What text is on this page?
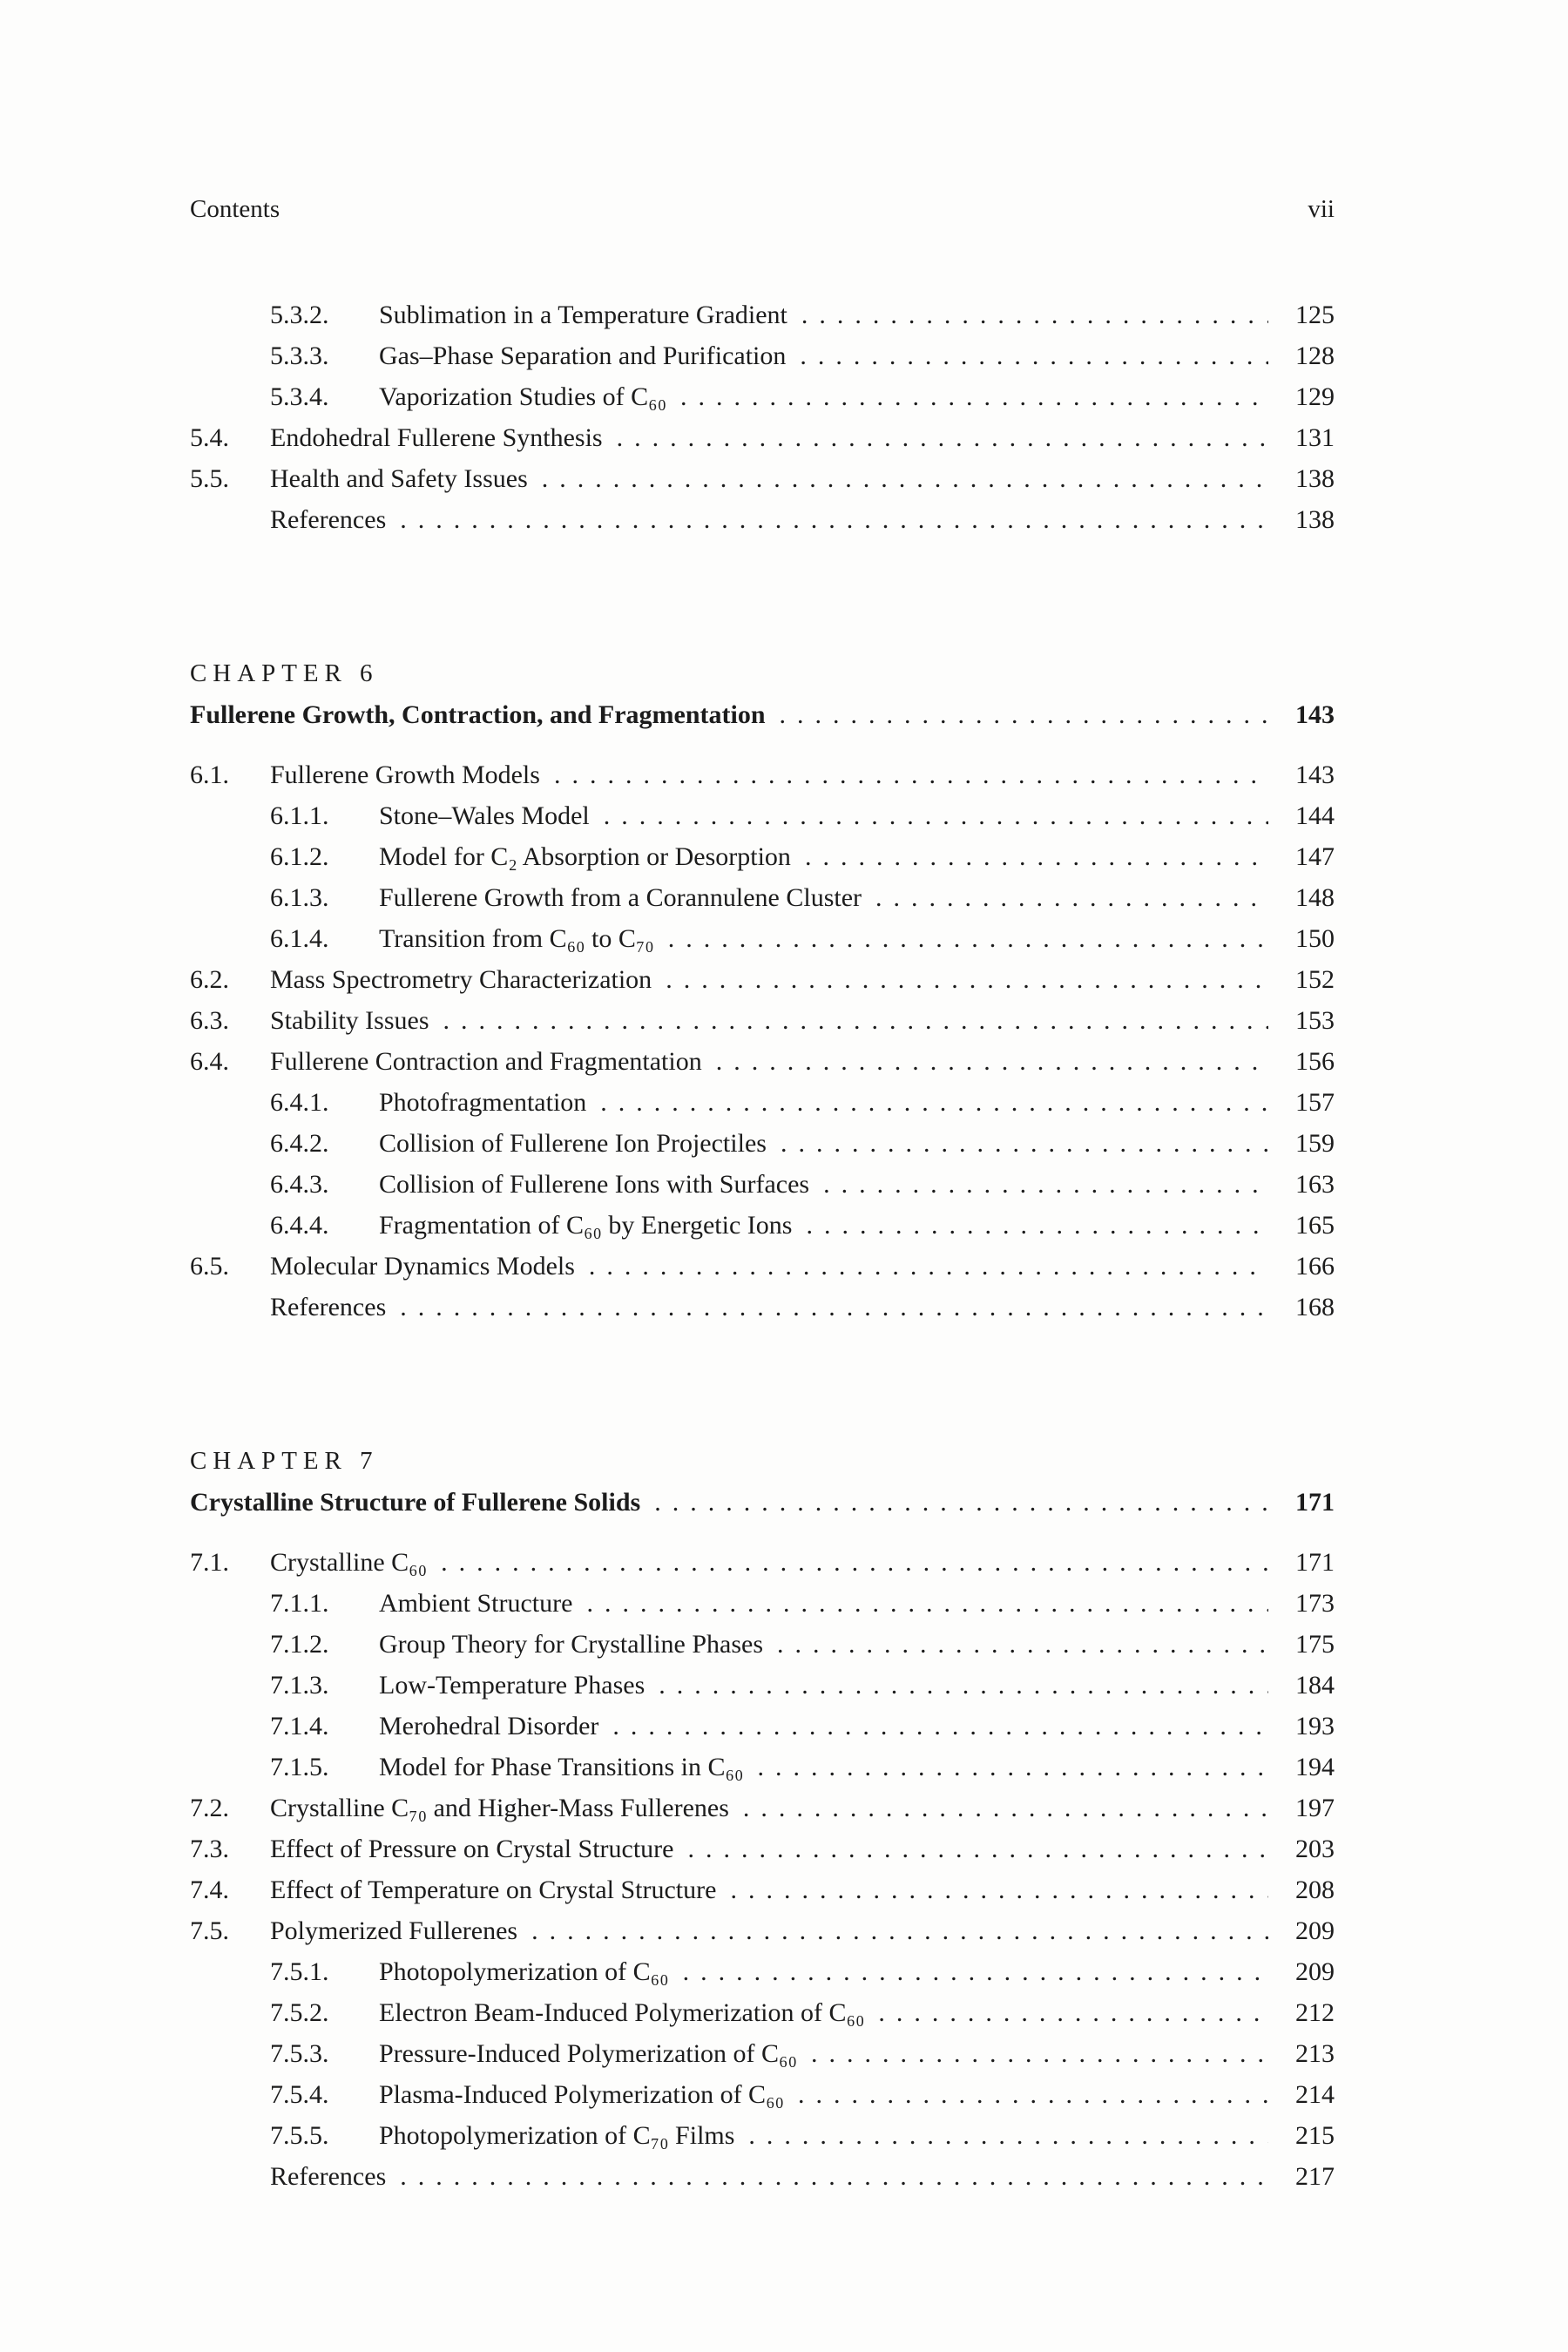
Contents	vii
5.3.2.	Sublimation in a Temperature Gradient .....	125
5.3.3.	Gas–Phase Separation and Purification .....	128
5.3.4.	Vaporization Studies of C₆₀ .....	129
5.4.	Endohedral Fullerene Synthesis .....	131
5.5.	Health and Safety Issues .....	138
References .....	138
CHAPTER 6
Fullerene Growth, Contraction, and Fragmentation .....	143
6.1.	Fullerene Growth Models .....	143
6.1.1.	Stone–Wales Model .....	144
6.1.2.	Model for C₂ Absorption or Desorption .....	147
6.1.3.	Fullerene Growth from a Corannulene Cluster .....	148
6.1.4.	Transition from C₆₀ to C₇₀ .....	150
6.2.	Mass Spectrometry Characterization .....	152
6.3.	Stability Issues .....	153
6.4.	Fullerene Contraction and Fragmentation .....	156
6.4.1.	Photofragmentation .....	157
6.4.2.	Collision of Fullerene Ion Projectiles .....	159
6.4.3.	Collision of Fullerene Ions with Surfaces .....	163
6.4.4.	Fragmentation of C₆₀ by Energetic Ions .....	165
6.5.	Molecular Dynamics Models .....	166
References .....	168
CHAPTER 7
Crystalline Structure of Fullerene Solids .....	171
7.1.	Crystalline C₆₀ .....	171
7.1.1.	Ambient Structure .....	173
7.1.2.	Group Theory for Crystalline Phases .....	175
7.1.3.	Low-Temperature Phases .....	184
7.1.4.	Merohedral Disorder .....	193
7.1.5.	Model for Phase Transitions in C₆₀ .....	194
7.2.	Crystalline C₇₀ and Higher-Mass Fullerenes .....	197
7.3.	Effect of Pressure on Crystal Structure .....	203
7.4.	Effect of Temperature on Crystal Structure .....	208
7.5.	Polymerized Fullerenes .....	209
7.5.1.	Photopolymerization of C₆₀ .....	209
7.5.2.	Electron Beam-Induced Polymerization of C₆₀ .....	212
7.5.3.	Pressure-Induced Polymerization of C₆₀ .....	213
7.5.4.	Plasma-Induced Polymerization of C₆₀ .....	214
7.5.5.	Photopolymerization of C₇₀ Films .....	215
References .....	217
